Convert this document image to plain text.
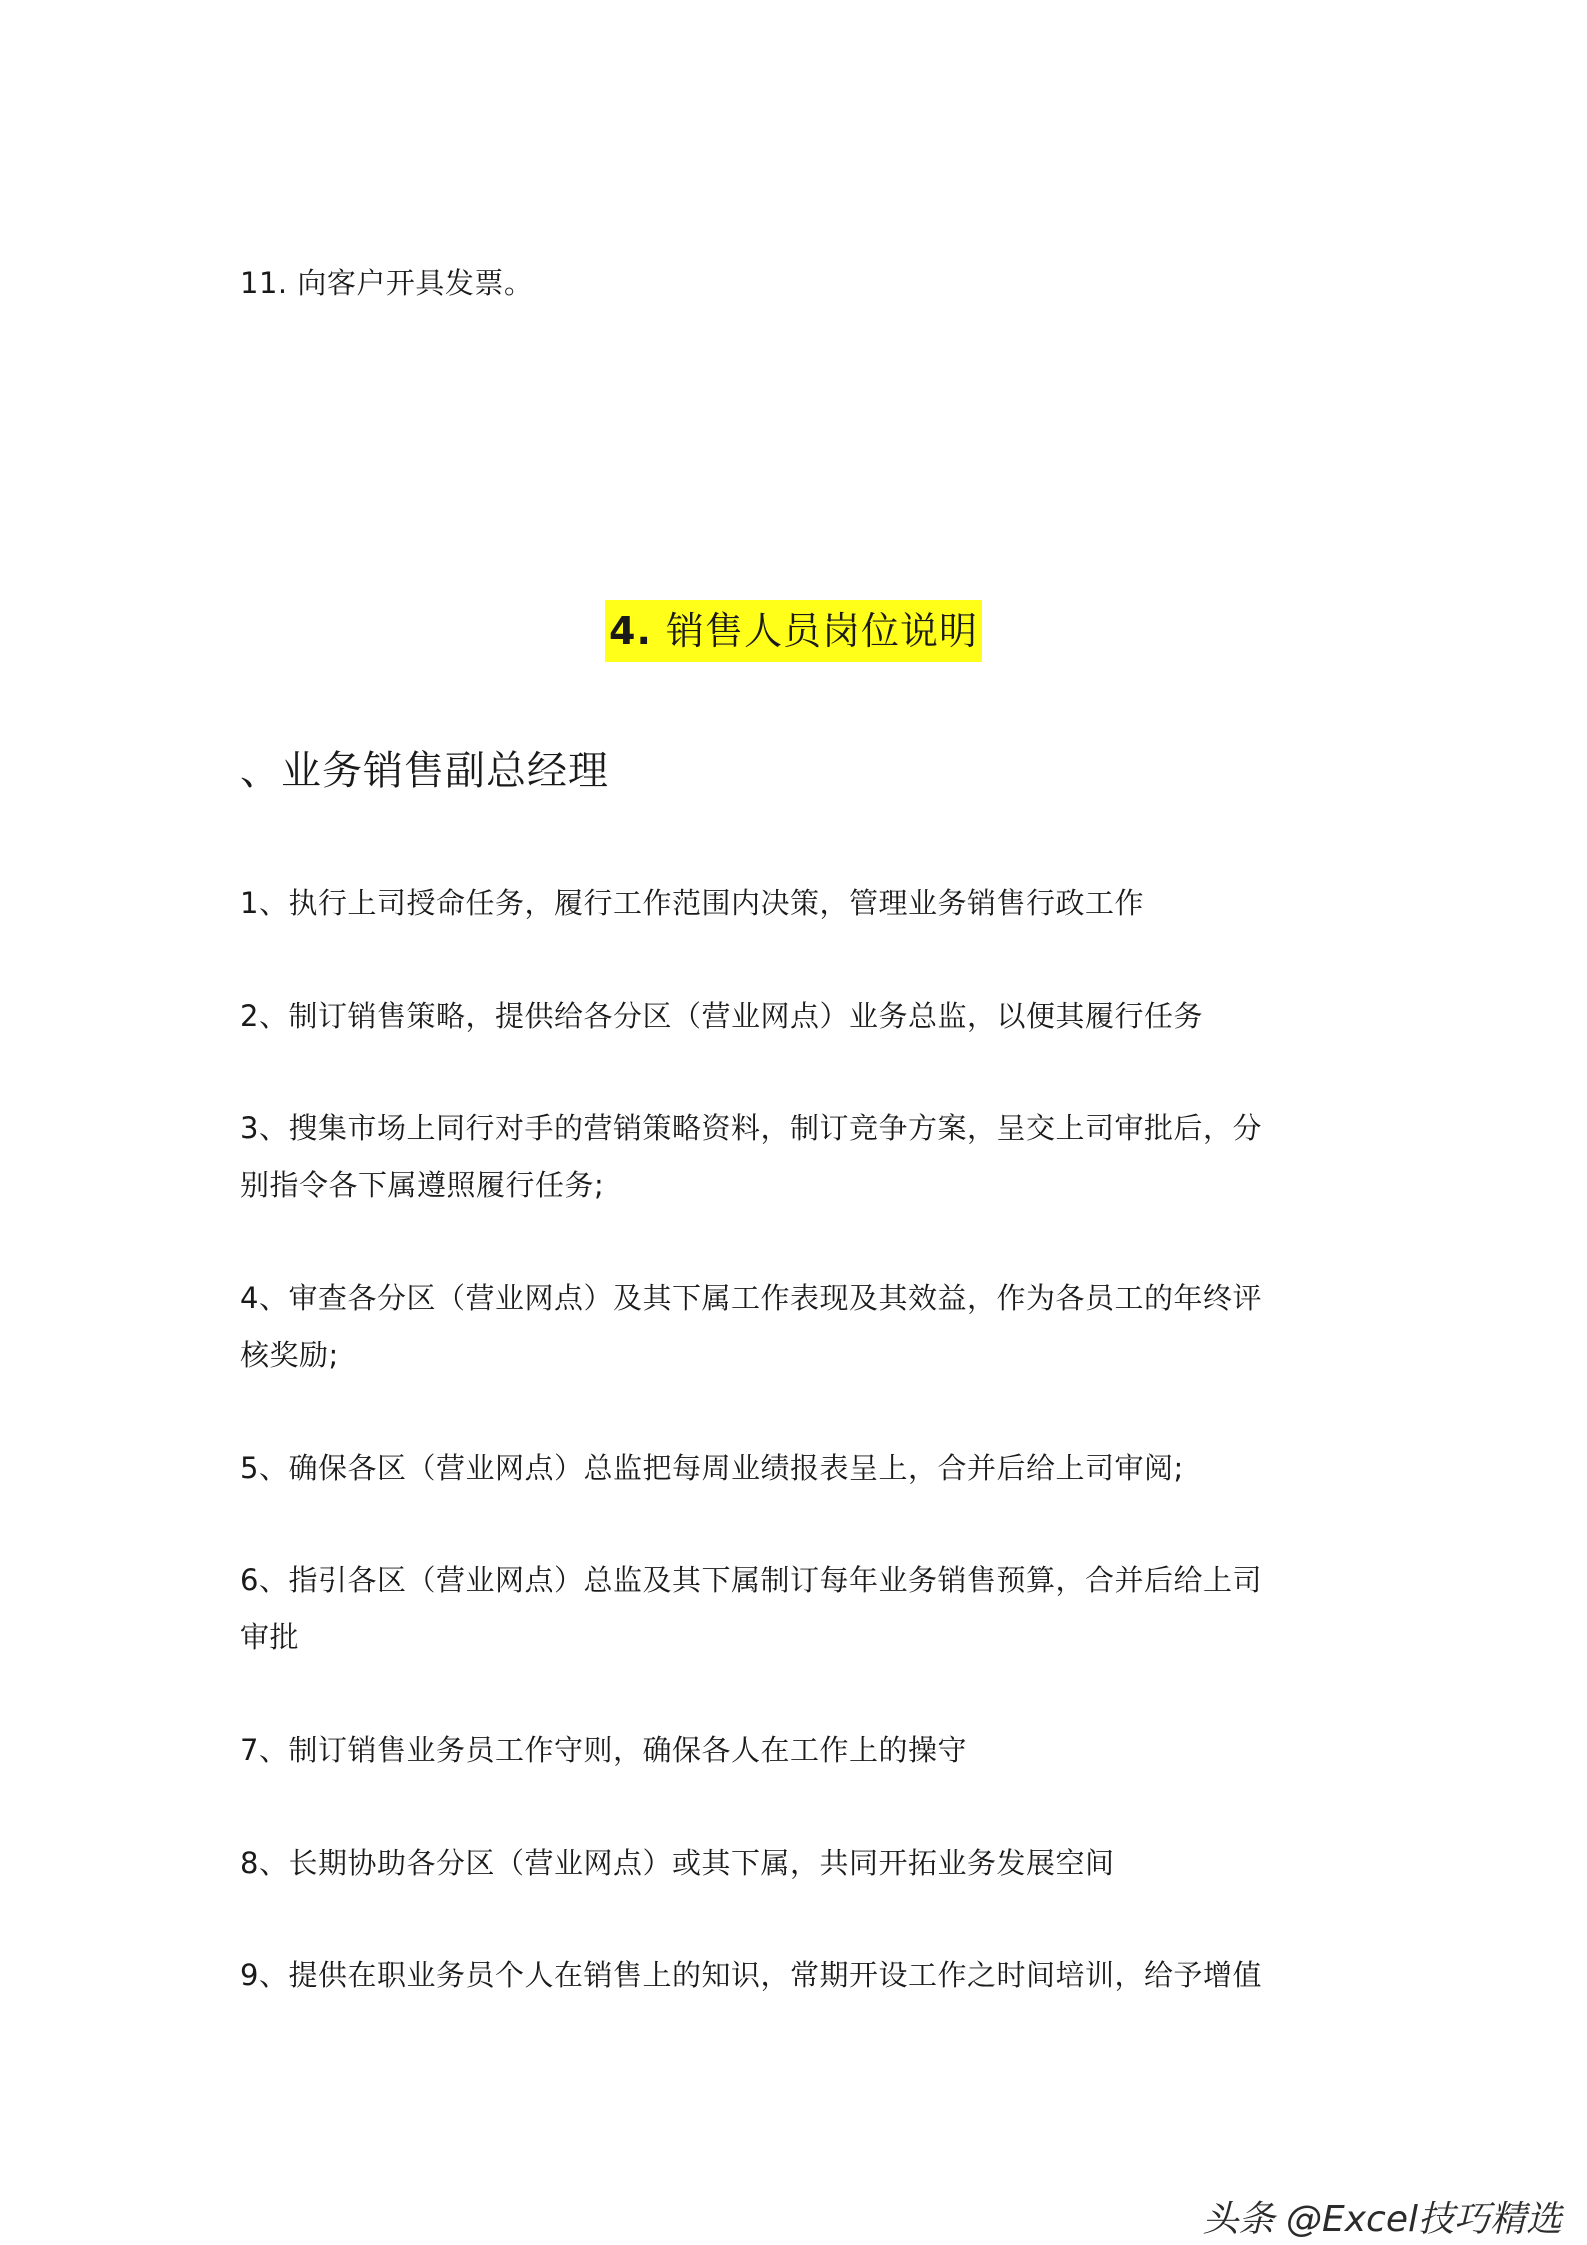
11. 向客户开具发票。
4. 销售人员岗位说明
、业务销售副总经理
1、执行上司授命任务，履行工作范围内决策，管理业务销售行政工作
2、制订销售策略，提供给各分区（营业网点）业务总监，以便其履行任务
3、搜集市场上同行对手的营销策略资料，制订竞争方案，呈交上司审批后，分
别指令各下属遵照履行任务;
4、审查各分区（营业网点）及其下属工作表现及其效益，作为各员工的年终评
核奖励;
5、确保各区（营业网点）总监把每周业绩报表呈上，合并后给上司审阅;
6、指引各区（营业网点）总监及其下属制订每年业务销售预算，合并后给上司
审批
7、制订销售业务员工作守则，确保各人在工作上的操守
8、长期协助各分区（营业网点）或其下属，共同开拓业务发展空间
9、提供在职业务员个人在销售上的知识，常期开设工作之时间培训，给予增值
头条 @Excel技巧精选
